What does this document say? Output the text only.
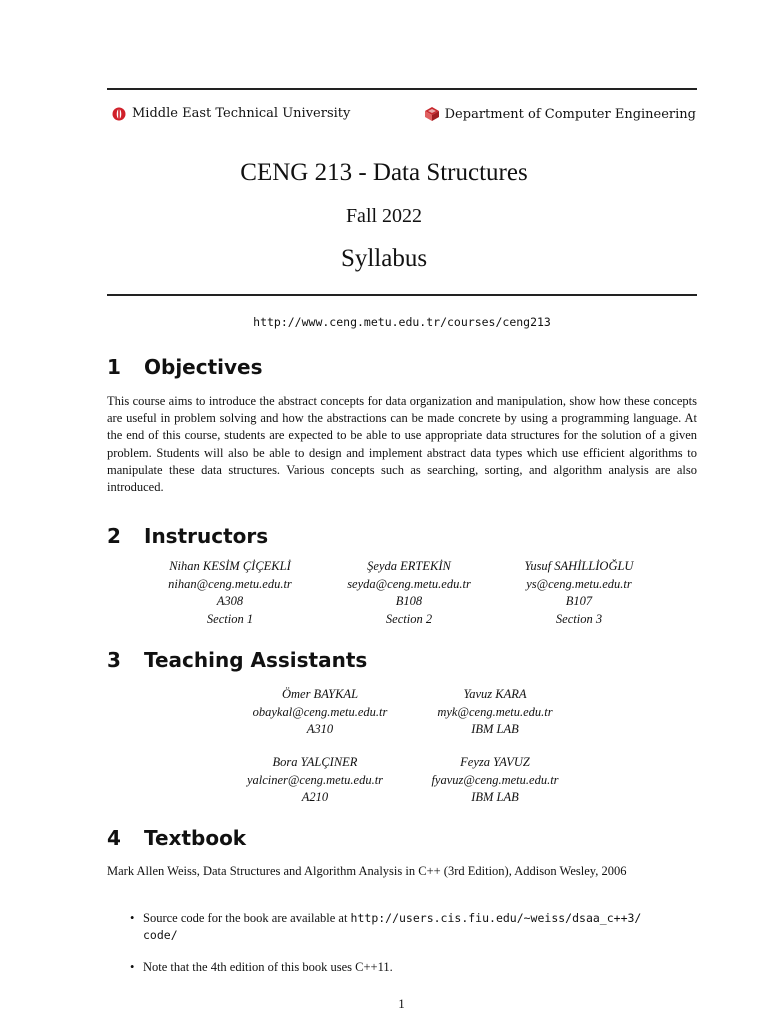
Middle East Technical University	Department of Computer Engineering
CENG 213 - Data Structures
Fall 2022
Syllabus
http://www.ceng.metu.edu.tr/courses/ceng213
1 Objectives

This course aims to introduce the abstract concepts for data organization and manipulation, show how these concepts are useful in problem solving and how the abstractions can be made concrete by using a programming language. At the end of this course, students are expected to be able to use appropriate data structures for the solution of a given problem. Students will also be able to design and implement abstract data types which use efficient algorithms to manipulate these data structures. Various concepts such as searching, sorting, and algorithm analysis are also introduced.

2 Instructors
Nihan KESİM ÇİÇEKLİ
nihan@ceng.metu.edu.tr
A308
Section 1
Şeyda ERTEKİN
seyda@ceng.metu.edu.tr
B108
Section 2
Yusuf SAHİLLİOĞLU
ys@ceng.metu.edu.tr
B107
Section 3
3 Teaching Assistants
Ömer BAYKAL
obaykal@ceng.metu.edu.tr
A310
Yavuz KARA
myk@ceng.metu.edu.tr
IBM LAB
Bora YALÇINER
yalciner@ceng.metu.edu.tr
A210
Feyza YAVUZ
fyavuz@ceng.metu.edu.tr
IBM LAB
4 Textbook

Mark Allen Weiss, Data Structures and Algorithm Analysis in C++ (3rd Edition), Addison Wesley, 2006

• Source code for the book are available at http://users.cis.fiu.edu/~weiss/dsaa_c++3/
code/
• Note that the 4th edition of this book uses C++11.
1
